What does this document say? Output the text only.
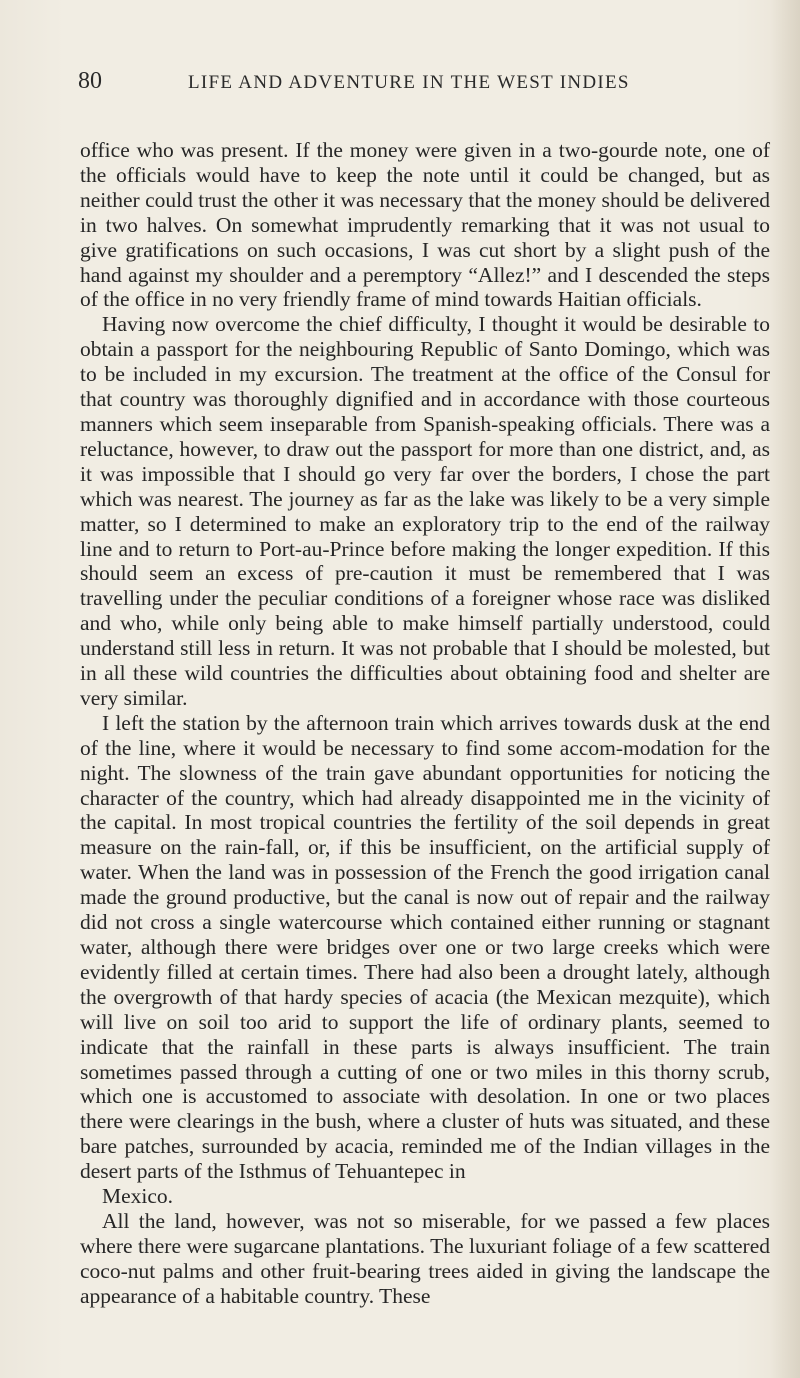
80	LIFE AND ADVENTURE IN THE WEST INDIES

office who was present. If the money were given in a two-gourde note, one of the officials would have to keep the note until it could be changed, but as neither could trust the other it was necessary that the money should be delivered in two halves. On somewhat imprudently remarking that it was not usual to give gratifications on such occasions, I was cut short by a slight push of the hand against my shoulder and a peremptory “Allez!” and I descended the steps of the office in no very friendly frame of mind towards Haitian officials.

Having now overcome the chief difficulty, I thought it would be desirable to obtain a passport for the neighbouring Republic of Santo Domingo, which was to be included in my excursion. The treatment at the office of the Consul for that country was thoroughly dignified and in accordance with those courteous manners which seem inseparable from Spanish-speaking officials. There was a reluctance, however, to draw out the passport for more than one district, and, as it was impossible that I should go very far over the borders, I chose the part which was nearest. The journey as far as the lake was likely to be a very simple matter, so I determined to make an exploratory trip to the end of the railway line and to return to Port-au-Prince before making the longer expedition. If this should seem an excess of pre-caution it must be remembered that I was travelling under the peculiar conditions of a foreigner whose race was disliked and who, while only being able to make himself partially understood, could understand still less in return. It was not probable that I should be molested, but in all these wild countries the difficulties about obtaining food and shelter are very similar.

I left the station by the afternoon train which arrives towards dusk at the end of the line, where it would be necessary to find some accom-modation for the night. The slowness of the train gave abundant opportunities for noticing the character of the country, which had already disappointed me in the vicinity of the capital. In most tropical countries the fertility of the soil depends in great measure on the rain-fall, or, if this be insufficient, on the artificial supply of water. When the land was in possession of the French the good irrigation canal made the ground productive, but the canal is now out of repair and the railway did not cross a single watercourse which contained either running or stagnant water, although there were bridges over one or two large creeks which were evidently filled at certain times. There had also been a drought lately, although the overgrowth of that hardy species of acacia (the Mexican mezquite), which will live on soil too arid to support the life of ordinary plants, seemed to indicate that the rainfall in these parts is always insufficient. The train sometimes passed through a cutting of one or two miles in this thorny scrub, which one is accustomed to associate with desolation. In one or two places there were clearings in the bush, where a cluster of huts was situated, and these bare patches, surrounded by acacia, reminded me of the Indian villages in the desert parts of the Isthmus of Tehuantepec in
Mexico.

All the land, however, was not so miserable, for we passed a few places where there were sugarcane plantations. The luxuriant foliage of a few scattered coco-nut palms and other fruit-bearing trees aided in giving the landscape the appearance of a habitable country. These
